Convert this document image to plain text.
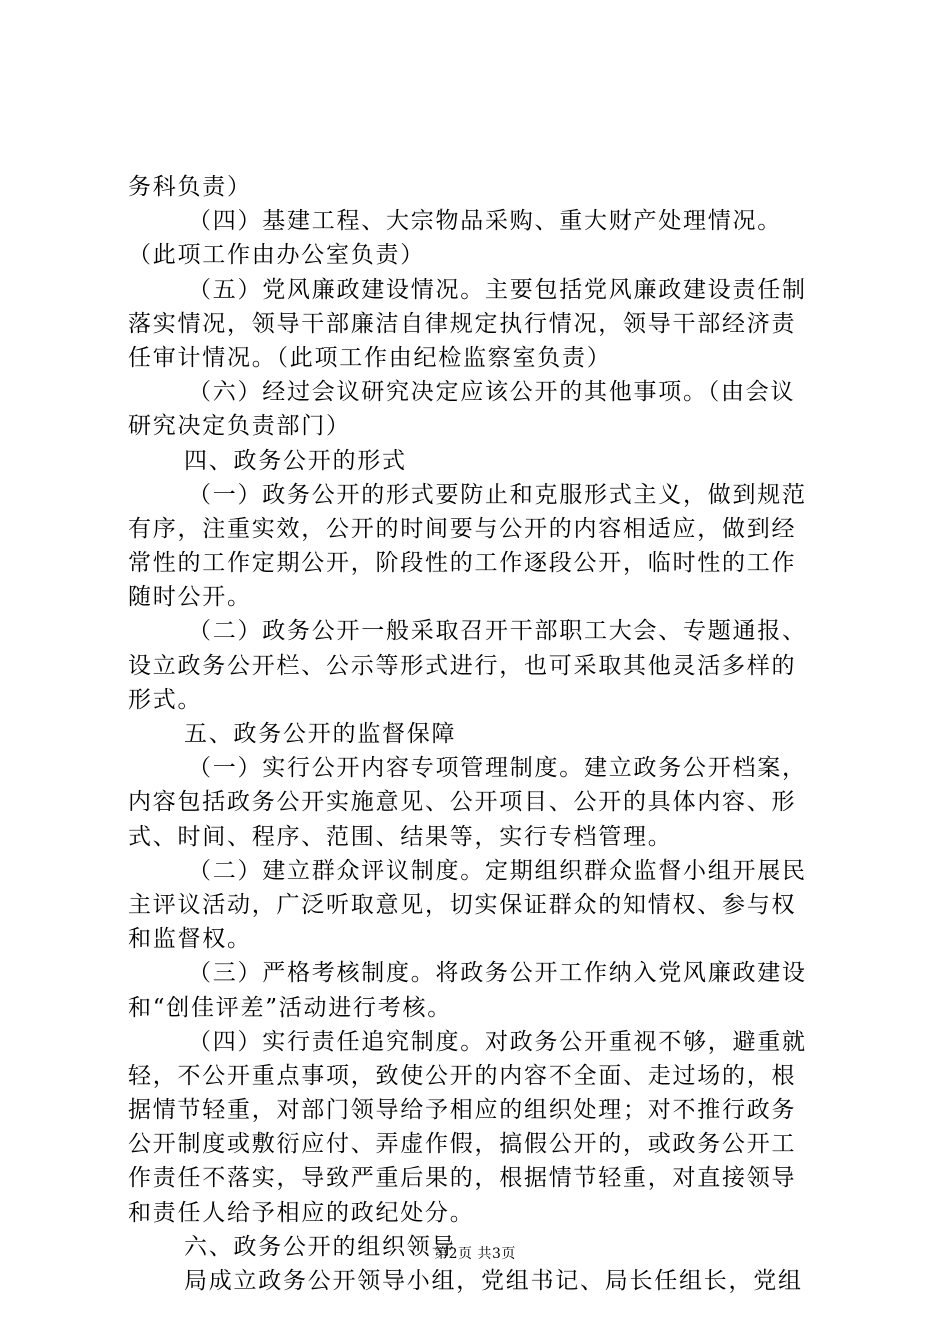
务科负责）
（四）基建工程、大宗物品采购、重大财产处理情况。
（此项工作由办公室负责）
（五）党风廉政建设情况。主要包括党风廉政建设责任制
落实情况，领导干部廉洁自律规定执行情况，领导干部经济责
任审计情况。（此项工作由纪检监察室负责）
（六）经过会议研究决定应该公开的其他事项。（由会议
研究决定负责部门）
四、政务公开的形式
（一）政务公开的形式要防止和克服形式主义，做到规范
有序，注重实效，公开的时间要与公开的内容相适应，做到经
常性的工作定期公开，阶段性的工作逐段公开，临时性的工作
随时公开。
（二）政务公开一般采取召开干部职工大会、专题通报、
设立政务公开栏、公示等形式进行，也可采取其他灵活多样的
形式。
五、政务公开的监督保障
（一）实行公开内容专项管理制度。建立政务公开档案，
内容包括政务公开实施意见、公开项目、公开的具体内容、形
式、时间、程序、范围、结果等，实行专档管理。
（二）建立群众评议制度。定期组织群众监督小组开展民
主评议活动，广泛听取意见，切实保证群众的知情权、参与权
和监督权。
（三）严格考核制度。将政务公开工作纳入党风廉政建设
和“创佳评差”活动进行考核。
（四）实行责任追究制度。对政务公开重视不够，避重就
轻，不公开重点事项，致使公开的内容不全面、走过场的，根
据情节轻重，对部门领导给予相应的组织处理；对不推行政务
公开制度或敷衍应付、弄虚作假，搞假公开的，或政务公开工
作责任不落实，导致严重后果的，根据情节轻重，对直接领导
和责任人给予相应的政纪处分。
六、政务公开的组织领导
局成立政务公开领导小组，党组书记、局长任组长，党组
第2页 共3页
